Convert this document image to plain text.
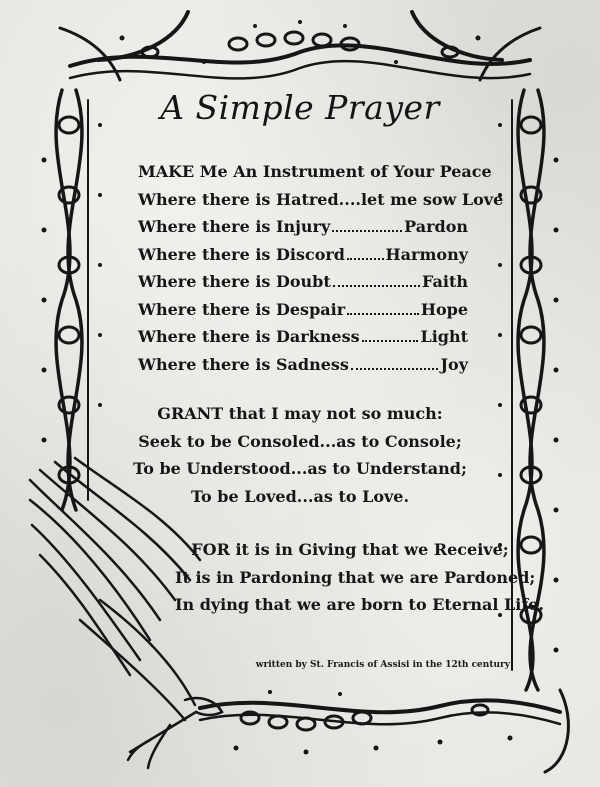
A Simple Prayer
MAKE Me An Instrument of Your Peace
Where there is Hatred....let me sow Love
Where there is Injury	Pardon
Where there is Discord	Harmony
Where there is Doubt	Faith
Where there is Despair	Hope
Where there is Darkness	Light
Where there is Sadness	Joy
GRANT that I may not so much:
Seek to be Consoled...as to Console;
To be Understood...as to Understand;
To be Loved...as to Love.
FOR it is in Giving that we Receive;
It is in Pardoning that we are Pardoned;
In dying that we are born to Eternal Life.
written by St. Francis of Assisi in the 12th century
